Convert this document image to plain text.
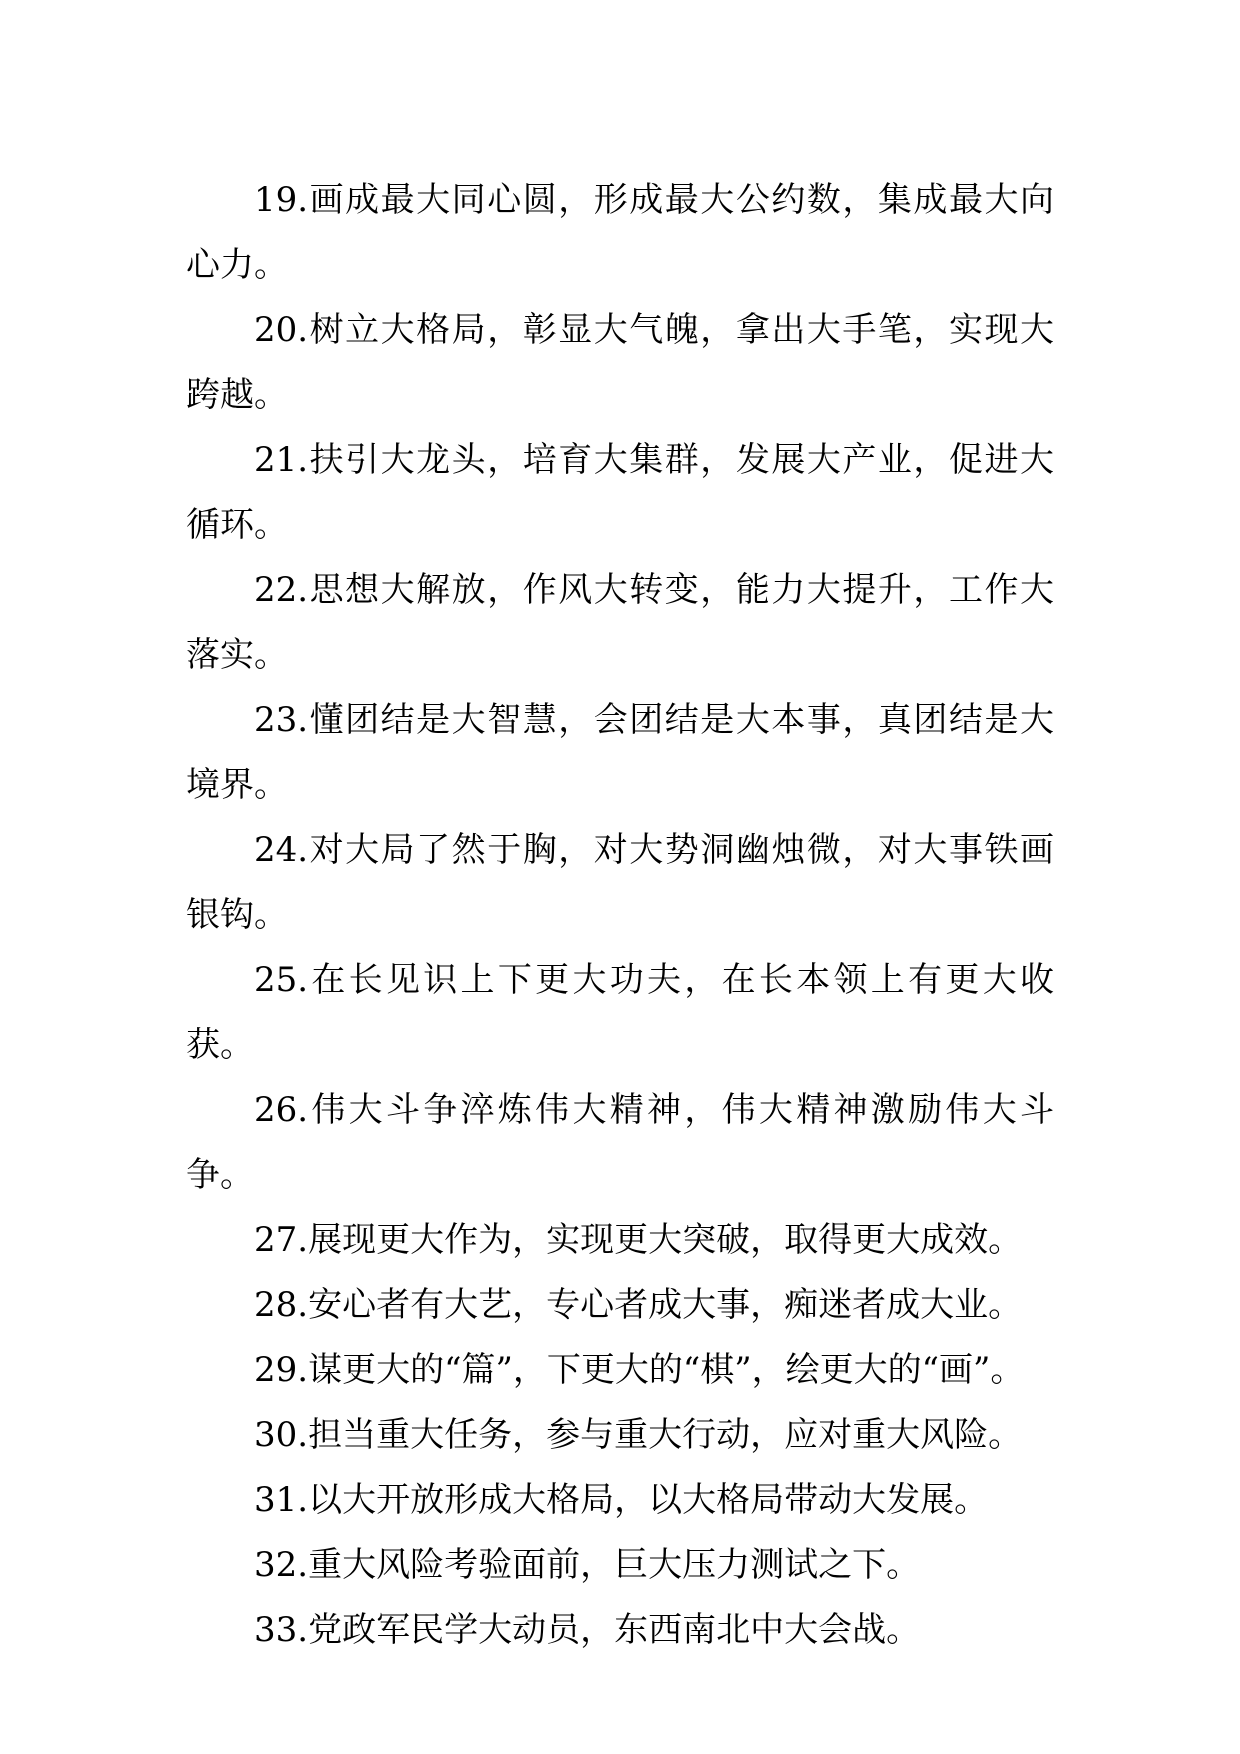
19.画成最大同心圆，形成最大公约数，集成最大向心力。

20.树立大格局，彰显大气魄，拿出大手笔，实现大跨越。

21.扶引大龙头，培育大集群，发展大产业，促进大循环。

22.思想大解放，作风大转变，能力大提升，工作大落实。

23.懂团结是大智慧，会团结是大本事，真团结是大境界。

24.对大局了然于胸，对大势洞幽烛微，对大事铁画银钩。

25.在长见识上下更大功夫，在长本领上有更大收获。

26.伟大斗争淬炼伟大精神，伟大精神激励伟大斗争。

27.展现更大作为，实现更大突破，取得更大成效。

28.安心者有大艺，专心者成大事，痴迷者成大业。

29.谋更大的“篇”，下更大的“棋”，绘更大的“画”。

30.担当重大任务，参与重大行动，应对重大风险。

31.以大开放形成大格局，以大格局带动大发展。

32.重大风险考验面前，巨大压力测试之下。

33.党政军民学大动员，东西南北中大会战。
